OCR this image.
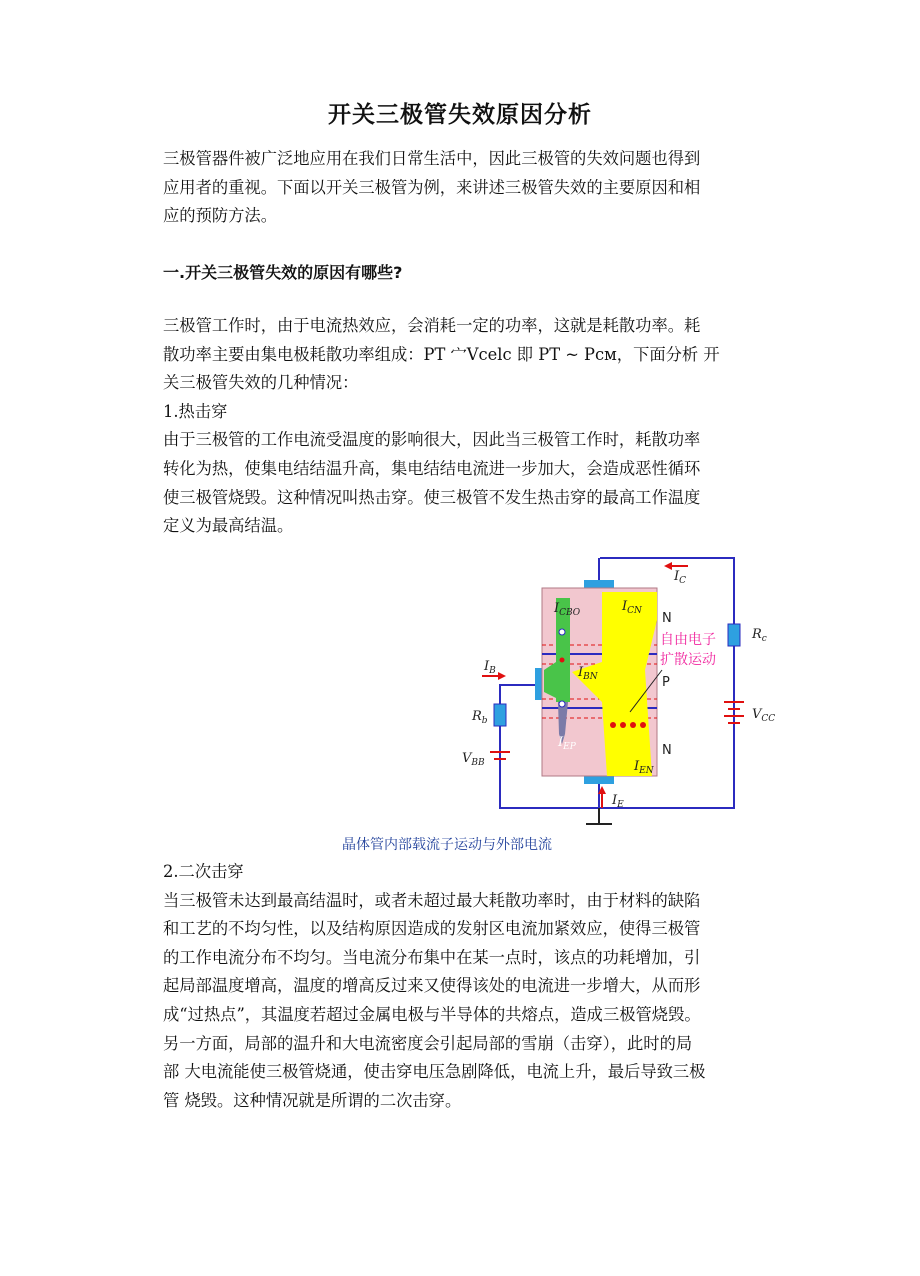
开关三极管失效原因分析

三极管器件被广泛地应用在我们日常生活中，因此三极管的失效问题也得到
应用者的重视。下面以开关三极管为例，来讲述三极管失效的主要原因和相
应的预防方法。

一.开关三极管失效的原因有哪些?

三极管工作时，由于电流热效应，会消耗一定的功率，这就是耗散功率。耗
散功率主要由集电极耗散功率组成：PT 宀Vcelc 即 PT ~ Pcм，下面分析 开
关三极管失效的几种情况：
1.热击穿
由于三极管的工作电流受温度的影响很大，因此当三极管工作时，耗散功率
转化为热，使集电结结温升高，集电结结电流进一步加大，会造成恶性循环
使三极管烧毁。这种情况叫热击穿。使三极管不发生热击穿的最高工作温度
定义为最高结温。

$I_C$
$I_{CN}$
$I_{CBO}$
$I_{BN}$
$I_{EP}$
$I_{EN}$
$I_B$
$I_E$
$R_b$
$R_c$
$V_{BB}$
$V_{CC}$
N
P
N
自由电子
扩散运动

晶体管内部载流子运动与外部电流

2.二次击穿
当三极管未达到最高结温时，或者未超过最大耗散功率时，由于材料的缺陷
和工艺的不均匀性，以及结构原因造成的发射区电流加紧效应，使得三极管
的工作电流分布不均匀。当电流分布集中在某一点时，该点的功耗增加，引
起局部温度增高，温度的增高反过来又使得该处的电流进一步增大，从而形
成“过热点”，其温度若超过金属电极与半导体的共熔点，造成三极管烧毁。
另一方面，局部的温升和大电流密度会引起局部的雪崩（击穿），此时的局
部 大电流能使三极管烧通，使击穿电压急剧降低，电流上升，最后导致三极
管 烧毁。这种情况就是所谓的二次击穿。
